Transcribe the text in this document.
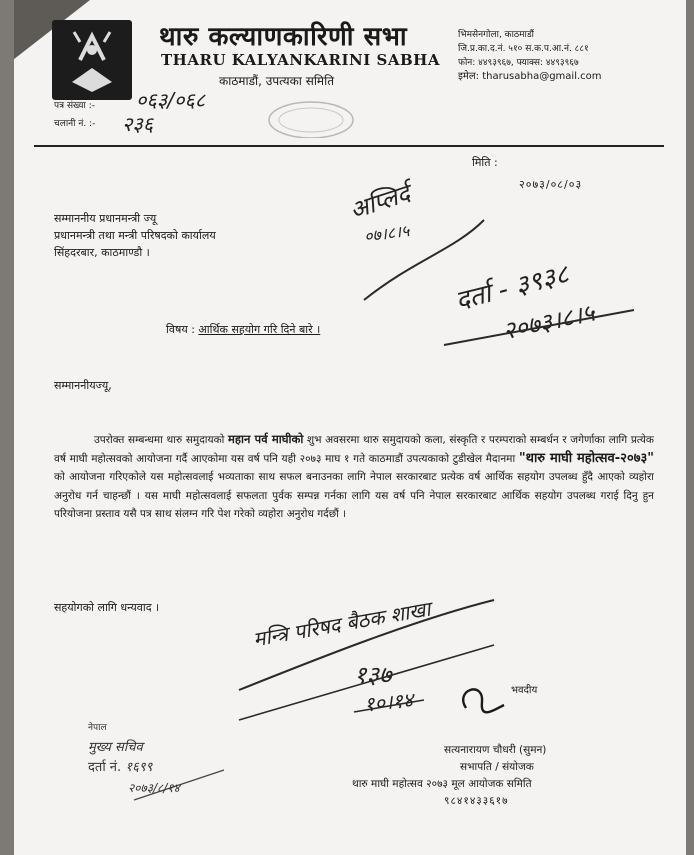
थारु कल्याणकारिणी सभा
THARU KALYANKARINI SABHA
काठमाडौं, उपत्यका समिति
भिमसेनगोला, काठमाडौं
जि.प्र.का.द.नं. ५१० स.क.प.आ.नं. ८८१
फोन: ४४९३९६७, फ्याक्स: ४४९३९६७
इमेल: tharusabha@gmail.com
पत्र संख्या :- ०६३/०६८
चलानी नं. :- २३६
मिति :
२०७३/०८/०३
सम्माननीय प्रधानमन्त्री ज्यू
प्रधानमन्त्री तथा मन्त्री परिषदको कार्यालय
सिंहदरबार, काठमाण्डौ ।
अप्लिर्द
०७।८।५
दर्ता - ३९३८
२०७३।८।५
विषय : आर्थिक सहयोग गरि दिने बारे ।
सम्माननीयज्यू,
उपरोक्त सम्बन्धमा थारु समुदायको महान पर्व माघीको शुभ अवसरमा थारु समुदायको कला, संस्कृति र परम्पराको सम्बर्धन र जगेर्णाका लागि प्रत्येक वर्ष माघी महोत्सवको आयोजना गर्दै आएकोमा यस वर्ष पनि यही २०७३ माघ १ गते काठमाडौं उपत्यकाको टुडीखेल मैदानमा "थारु माघी महोत्सव-२०७३" को आयोजना गरिएकोले यस महोत्सवलाई भव्यताका साथ सफल बनाउनका लागि नेपाल सरकारबाट प्रत्येक वर्ष आर्थिक सहयोग उपलब्ध हुँदै आएको व्यहोरा अनुरोध गर्न चाहन्छौं । यस माघी महोत्सवलाई सफलता पुर्वक सम्पन्न गर्नका लागि यस वर्ष पनि नेपाल सरकारबाट आर्थिक सहयोग उपलब्ध गराई दिनु हुन परियोजना प्रस्ताव यसै पत्र साथ संलग्न गरि पेश गरेको व्यहोरा अनुरोध गर्दछौं ।
सहयोगको लागि धन्यवाद ।	मन्त्रि परिषद बैठक शाखा
१३७
१०।१४	भवदीय
सत्यनारायण चौधरी (सुमन)
सभापति / संयोजक
थारु माघी महोत्सव २०७३ मूल आयोजक समिति
९८४१४३३६१७
नेपाल
मुख्य सचिव
दर्ता नं. १६९९
२०७३/८/१४
